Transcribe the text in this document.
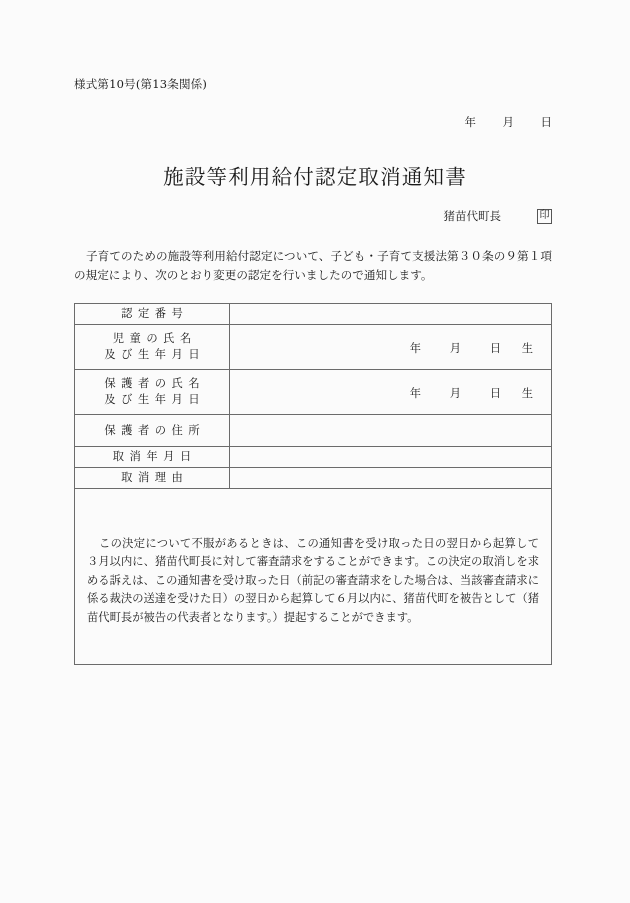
様式第10号(第13条関係)
年 月 日
施設等利用給付認定取消通知書
猪苗代町長	印
子育てのための施設等利用給付認定について、子ども・子育て支援法第３０条の９第１項の規定により、次のとおり変更の認定を行いましたので通知します。
認定番号	

児童の氏名
及び生年月日	年 月 日 生

保護者の氏名
及び生年月日	年 月 日 生

保護者の住所	

取消年月日	

取消理由	

この決定について不服があるときは、この通知書を受け取った日の翌日から起算して３月以内に、猪苗代町長に対して審査請求をすることができます。この決定の取消しを求める訴えは、この通知書を受け取った日（前記の審査請求をした場合は、当該審査請求に係る裁決の送達を受けた日）の翌日から起算して６月以内に、猪苗代町を被告として（猪苗代町長が被告の代表者となります。）提起することができます。	
